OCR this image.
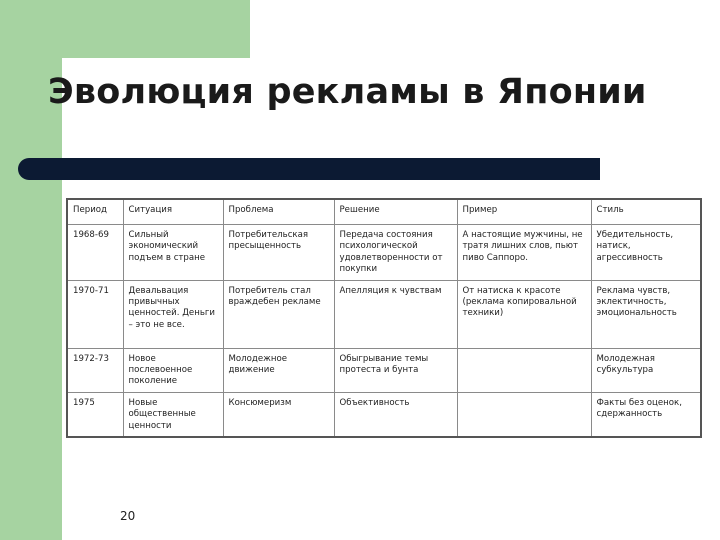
Эволюция рекламы в Японии
Период	Ситуация	Проблема	Решение	Пример	Стиль
1968-69	Сильный экономический подъем в стране	Потребительская пресыщенность	Передача состояния психологической удовлетворенности от покупки	А настоящие мужчины, не тратя лишних слов, пьют пиво Саппоро.	Убедительность, натиск, агрессивность
1970-71	Девальвация привычных ценностей. Деньги – это не все.	Потребитель стал враждебен рекламе	Апелляция к чувствам	От натиска к красоте (реклама копировальной техники)	Реклама чувств, эклектичность, эмоциональность
1972-73	Новое послевоенное поколение	Молодежное движение	Обыгрывание темы протеста и бунта		Молодежная субкультура
1975	Новые общественные ценности	Консюмеризм	Объективность		Факты без оценок, сдержанность
20
